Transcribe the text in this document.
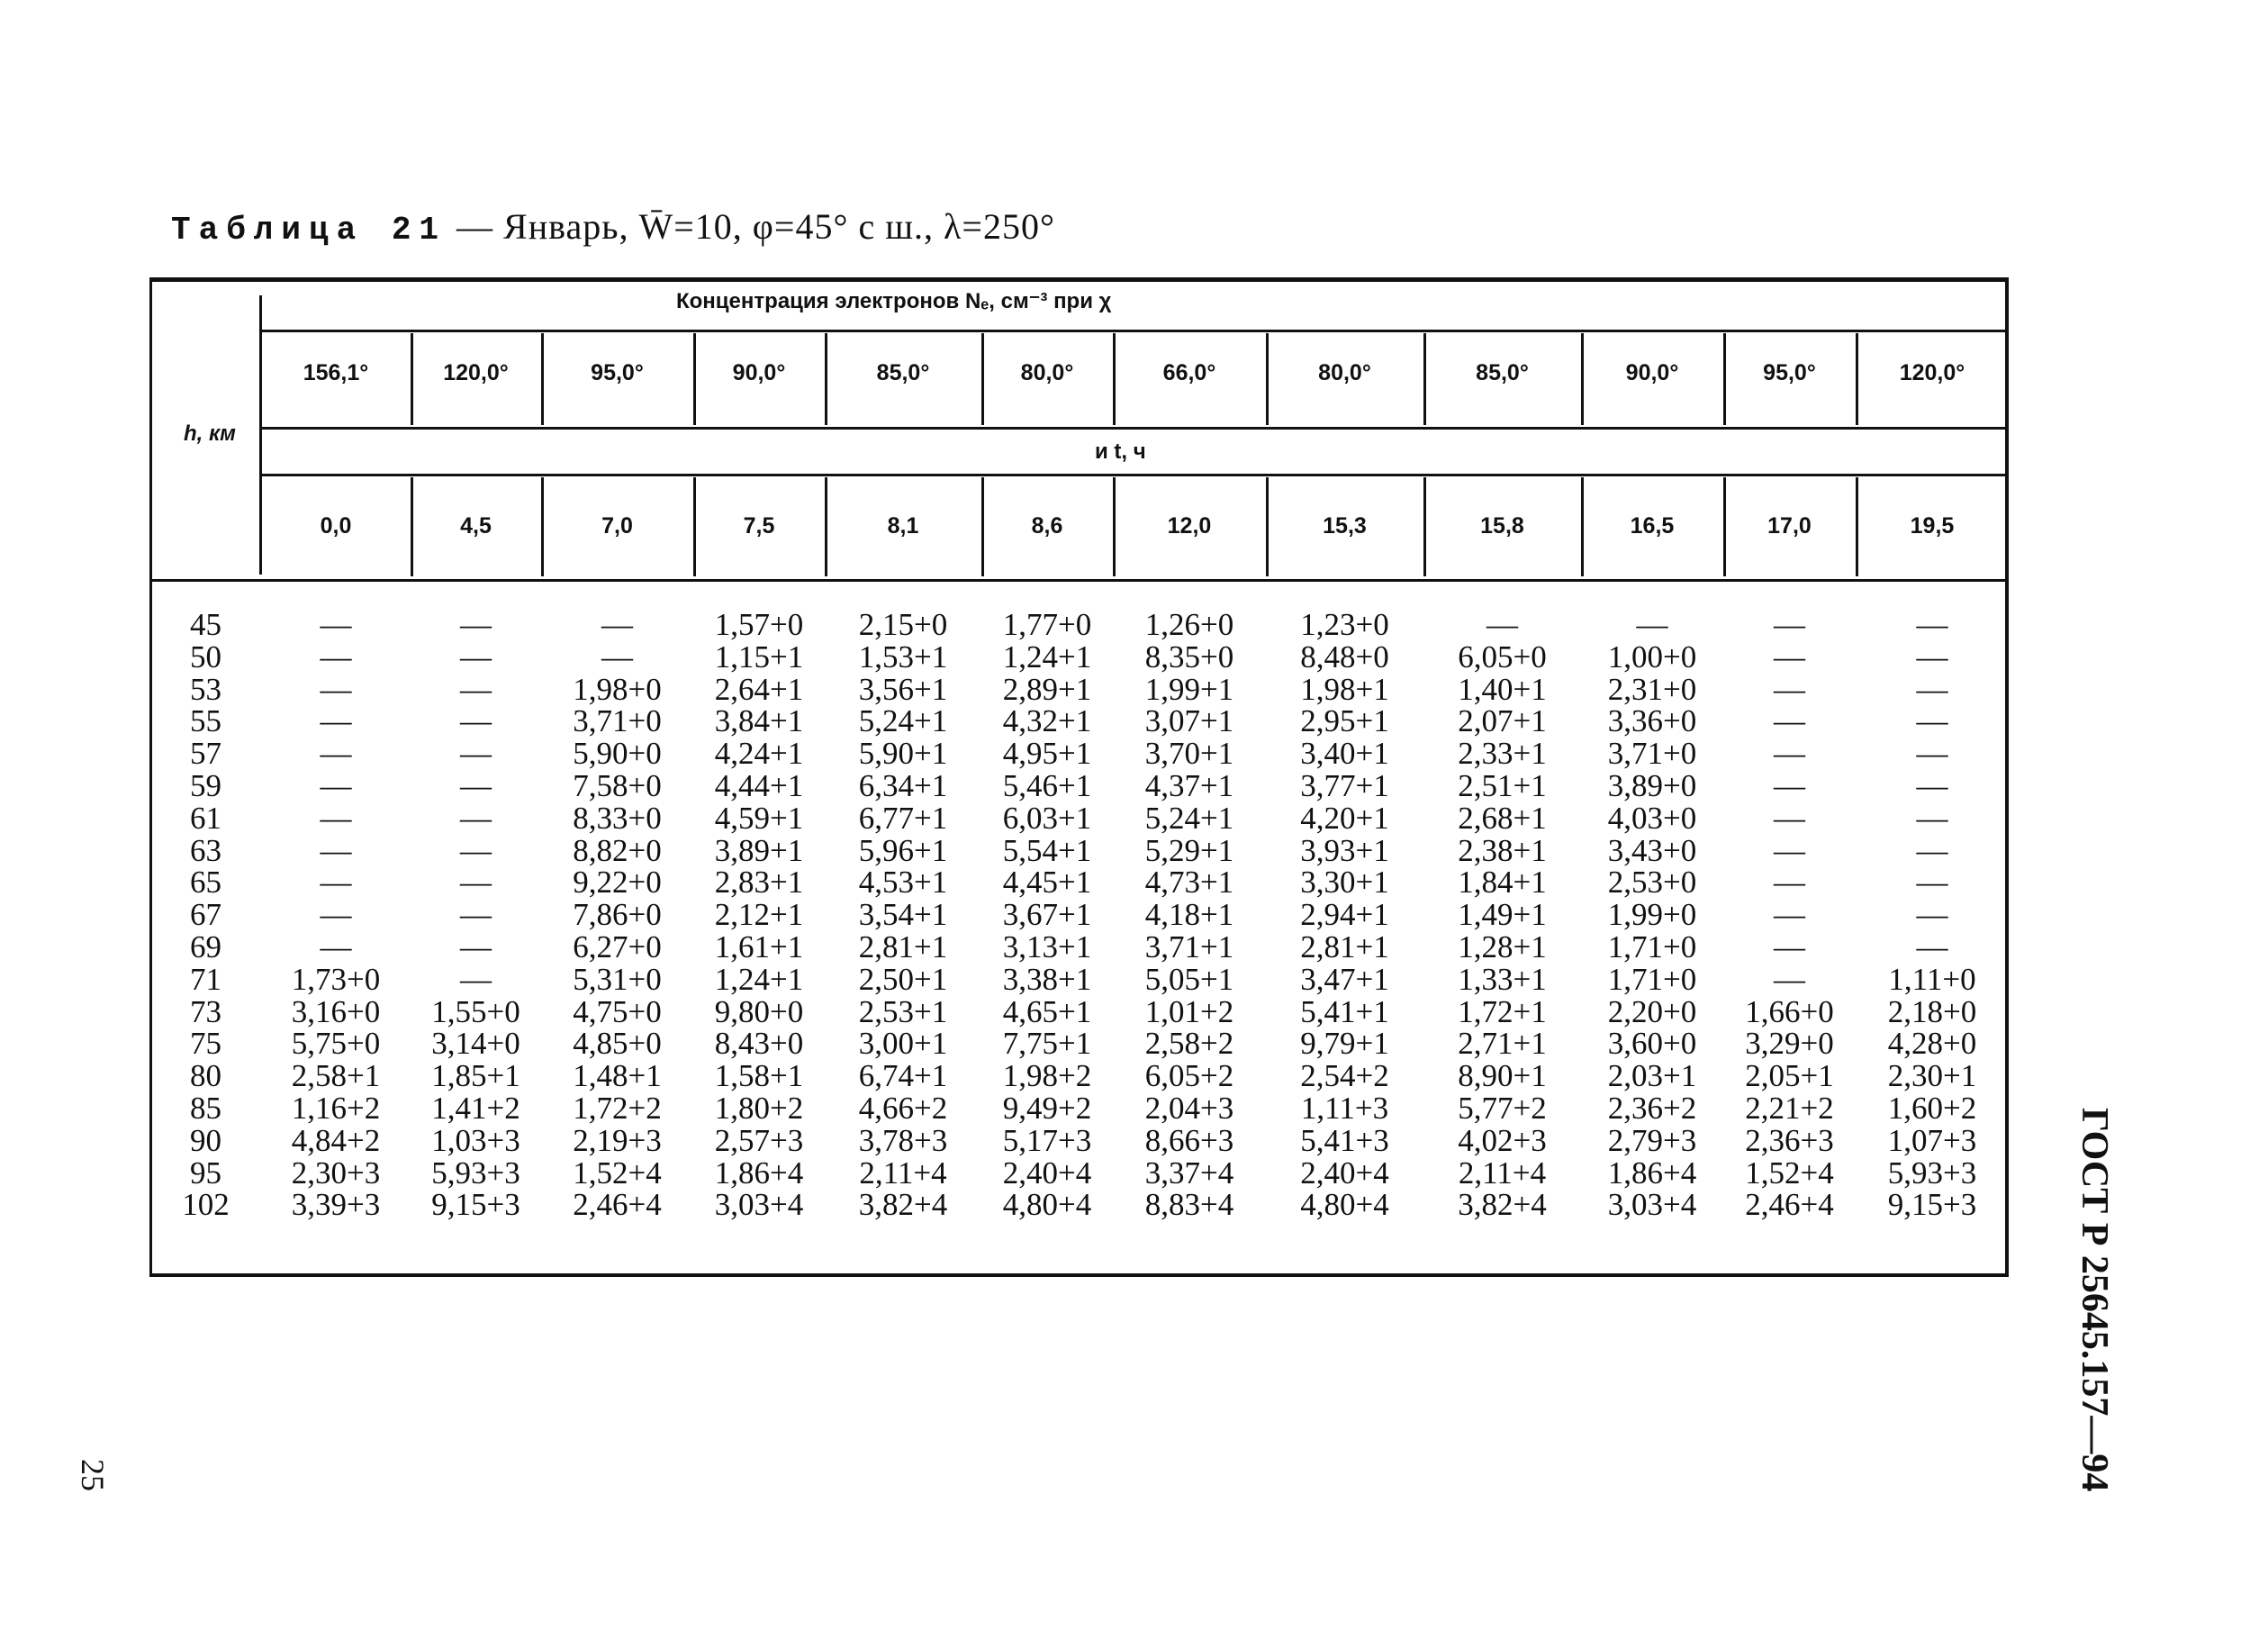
Таблица 21 — Январь, W̄=10, φ=45° с ш., λ=250°
h, км
Концентрация электронов Nₑ, см⁻³ при χ
и t, ч
156,1°	120,0°	95,0°	90,0°	85,0°	80,0°	66,0°	80,0°	85,0°	90,0°	95,0°	120,0°
0,0	4,5	7,0	7,5	8,1	8,6	12,0	15,3	15,8	16,5	17,0	19,5
45	—	—	—	1,57+0	2,15+0	1,77+0	1,26+0	1,23+0	—	—	—	—
50	—	—	—	1,15+1	1,53+1	1,24+1	8,35+0	8,48+0	6,05+0	1,00+0	—	—
53	—	—	1,98+0	2,64+1	3,56+1	2,89+1	1,99+1	1,98+1	1,40+1	2,31+0	—	—
55	—	—	3,71+0	3,84+1	5,24+1	4,32+1	3,07+1	2,95+1	2,07+1	3,36+0	—	—
57	—	—	5,90+0	4,24+1	5,90+1	4,95+1	3,70+1	3,40+1	2,33+1	3,71+0	—	—
59	—	—	7,58+0	4,44+1	6,34+1	5,46+1	4,37+1	3,77+1	2,51+1	3,89+0	—	—
61	—	—	8,33+0	4,59+1	6,77+1	6,03+1	5,24+1	4,20+1	2,68+1	4,03+0	—	—
63	—	—	8,82+0	3,89+1	5,96+1	5,54+1	5,29+1	3,93+1	2,38+1	3,43+0	—	—
65	—	—	9,22+0	2,83+1	4,53+1	4,45+1	4,73+1	3,30+1	1,84+1	2,53+0	—	—
67	—	—	7,86+0	2,12+1	3,54+1	3,67+1	4,18+1	2,94+1	1,49+1	1,99+0	—	—
69	—	—	6,27+0	1,61+1	2,81+1	3,13+1	3,71+1	2,81+1	1,28+1	1,71+0	—	—
71	1,73+0	—	5,31+0	1,24+1	2,50+1	3,38+1	5,05+1	3,47+1	1,33+1	1,71+0	—	1,11+0
73	3,16+0	1,55+0	4,75+0	9,80+0	2,53+1	4,65+1	1,01+2	5,41+1	1,72+1	2,20+0	1,66+0	2,18+0
75	5,75+0	3,14+0	4,85+0	8,43+0	3,00+1	7,75+1	2,58+2	9,79+1	2,71+1	3,60+0	3,29+0	4,28+0
80	2,58+1	1,85+1	1,48+1	1,58+1	6,74+1	1,98+2	6,05+2	2,54+2	8,90+1	2,03+1	2,05+1	2,30+1
85	1,16+2	1,41+2	1,72+2	1,80+2	4,66+2	9,49+2	2,04+3	1,11+3	5,77+2	2,36+2	2,21+2	1,60+2
90	4,84+2	1,03+3	2,19+3	2,57+3	3,78+3	5,17+3	8,66+3	5,41+3	4,02+3	2,79+3	2,36+3	1,07+3
95	2,30+3	5,93+3	1,52+4	1,86+4	2,11+4	2,40+4	3,37+4	2,40+4	2,11+4	1,86+4	1,52+4	5,93+3
102	3,39+3	9,15+3	2,46+4	3,03+4	3,82+4	4,80+4	8,83+4	4,80+4	3,82+4	3,03+4	2,46+4	9,15+3	ГОСТ Р 25645.157—94
25
